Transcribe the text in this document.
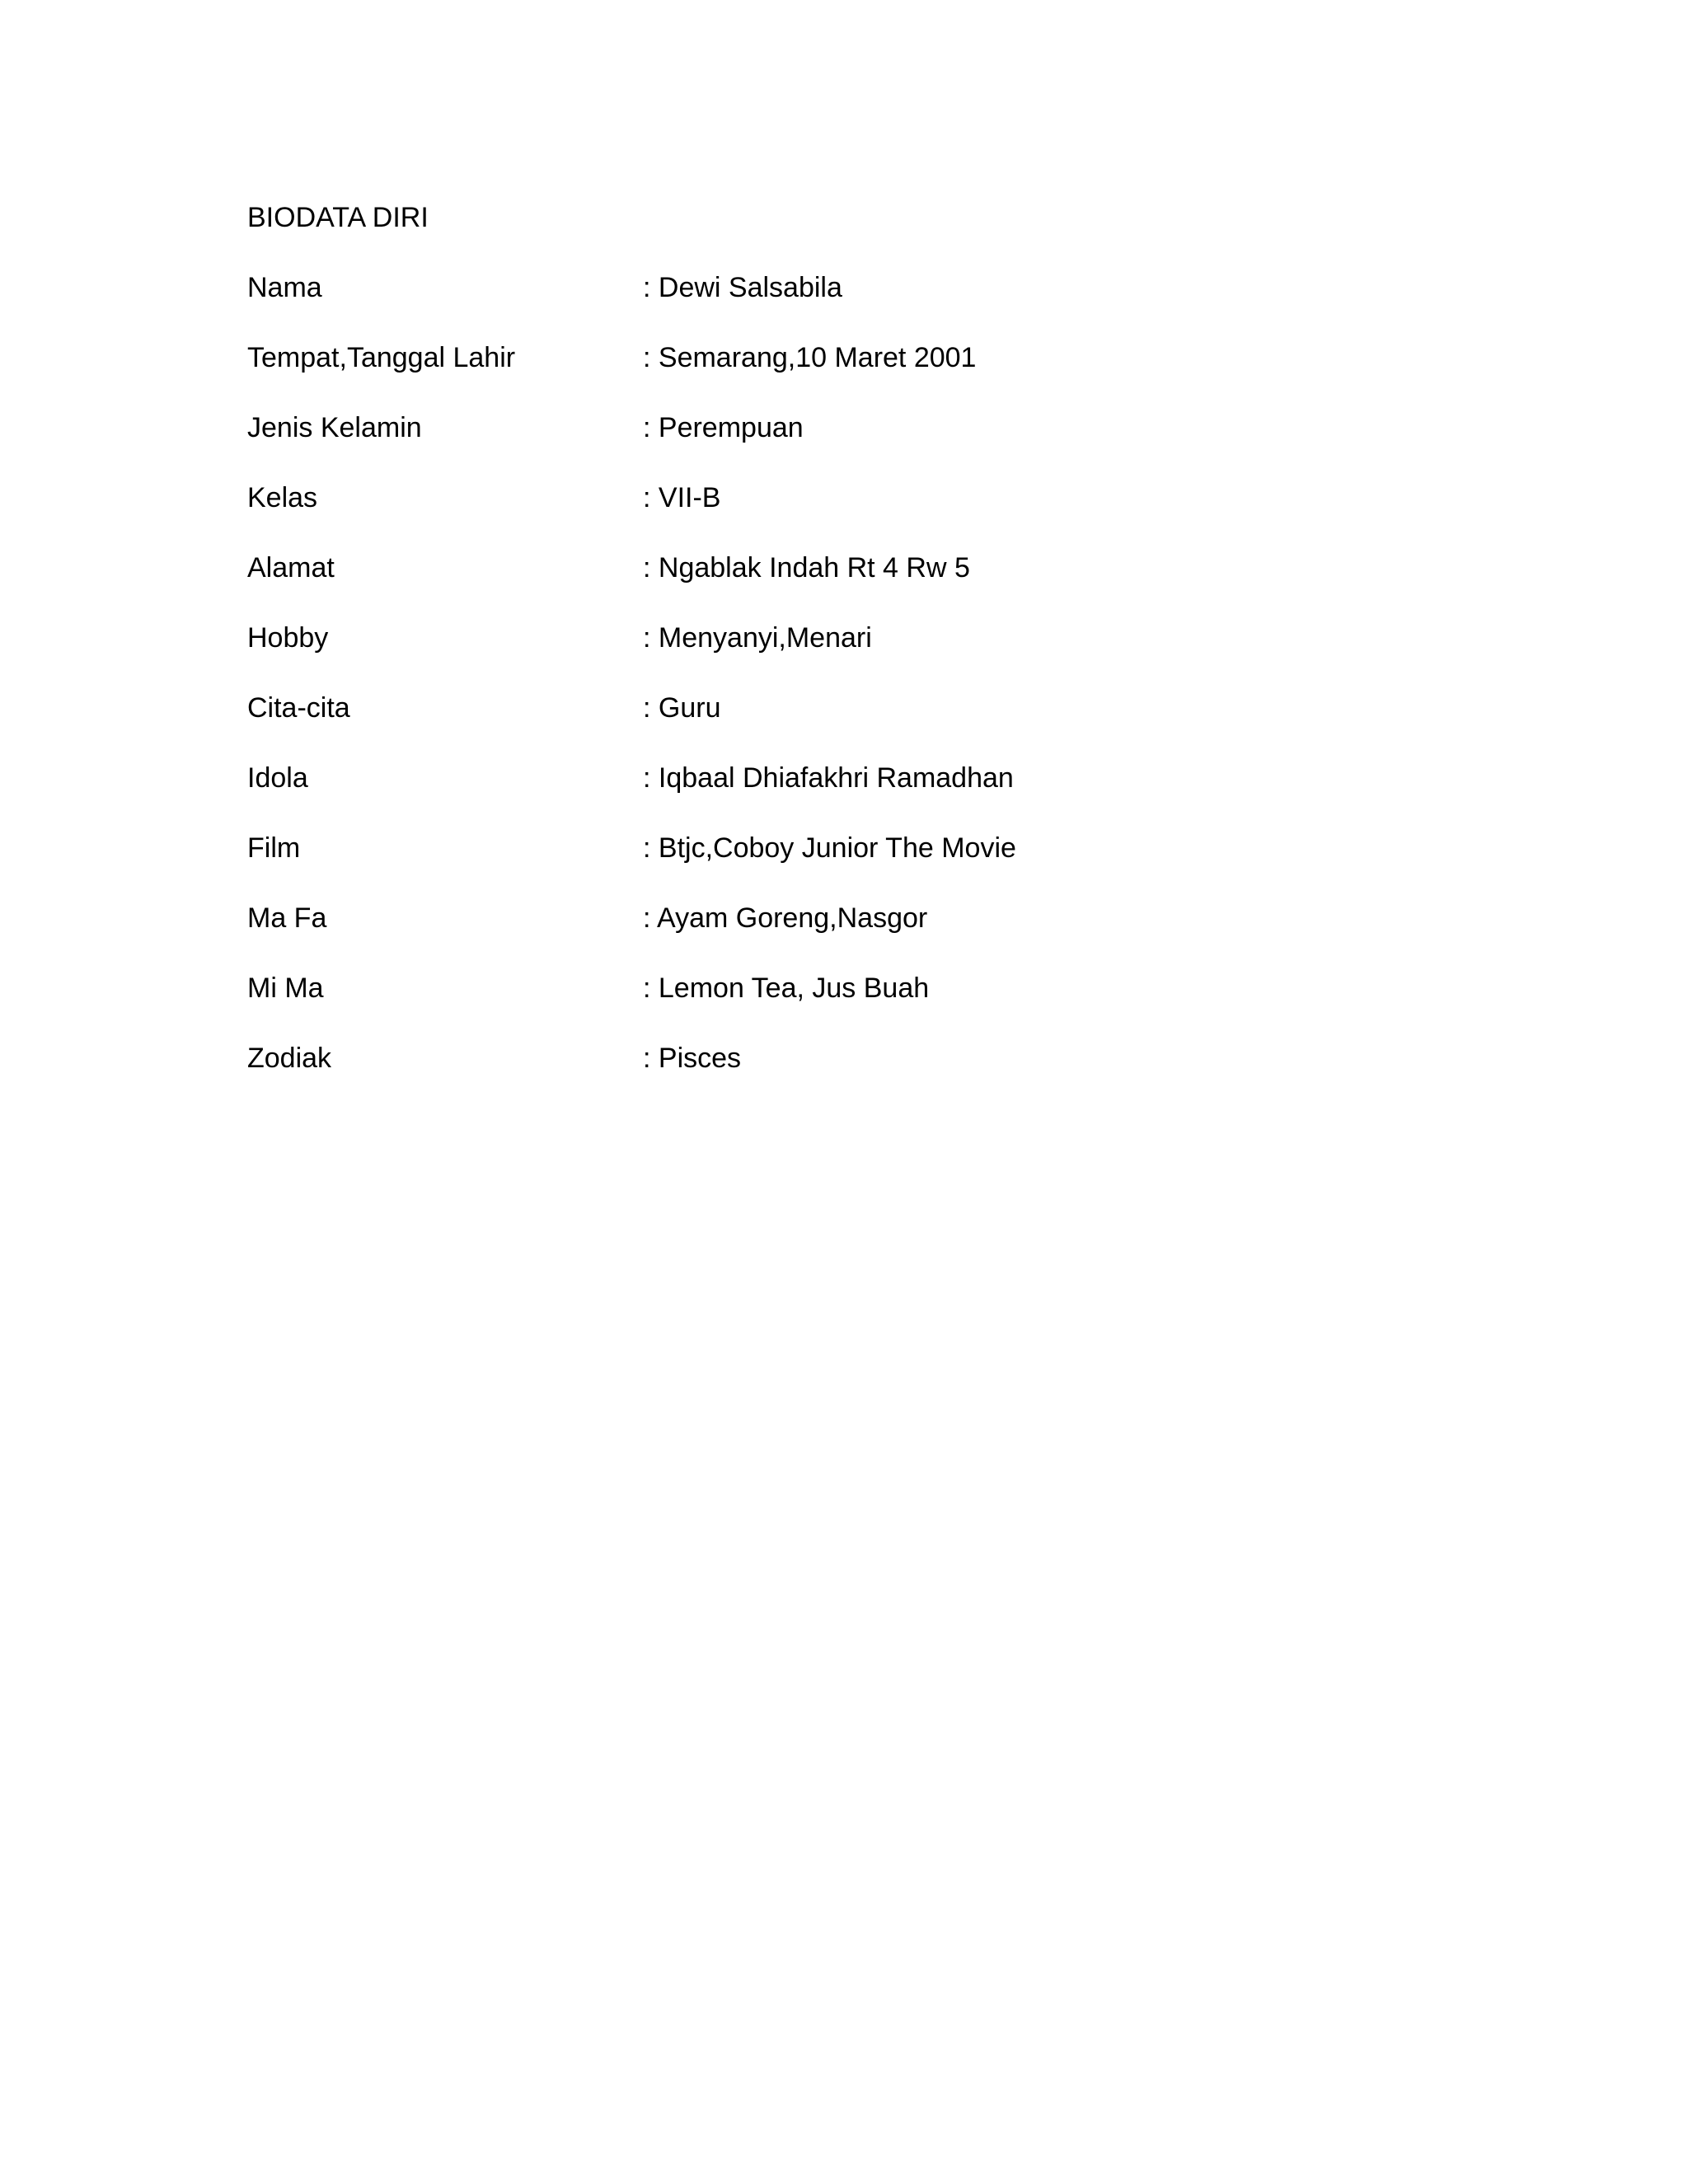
BIODATA DIRI
Nama	: Dewi Salsabila
Tempat,Tanggal Lahir	: Semarang,10 Maret 2001
Jenis Kelamin	: Perempuan
Kelas	: VII-B
Alamat	: Ngablak Indah Rt 4 Rw 5
Hobby	: Menyanyi,Menari
Cita-cita	: Guru
Idola	: Iqbaal Dhiafakhri Ramadhan
Film	: Btjc,Coboy Junior The Movie
Ma Fa	: Ayam Goreng,Nasgor
Mi Ma	: Lemon Tea, Jus Buah
Zodiak	: Pisces
